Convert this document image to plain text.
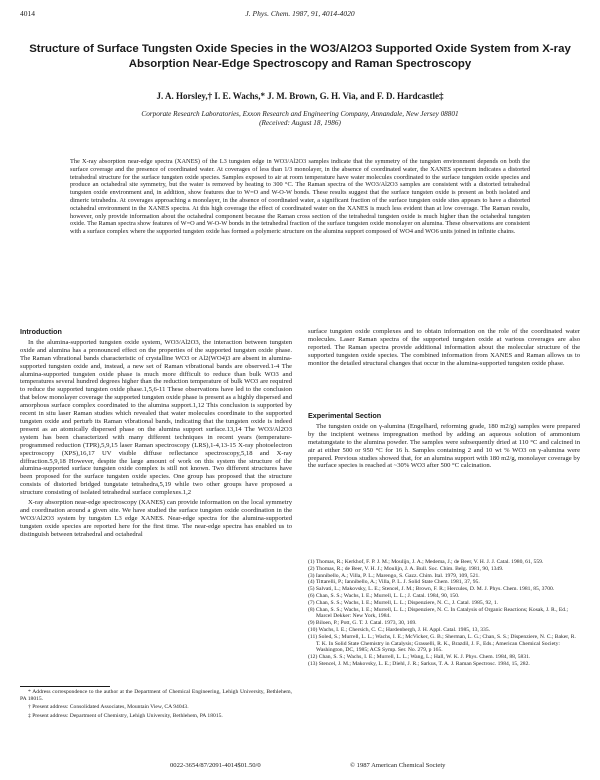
4014	J. Phys. Chem. 1987, 91, 4014-4020
Structure of Surface Tungsten Oxide Species in the WO3/Al2O3 Supported Oxide System from X-ray Absorption Near-Edge Spectroscopy and Raman Spectroscopy
J. A. Horsley,† I. E. Wachs,* J. M. Brown, G. H. Via, and F. D. Hardcastle‡
Corporate Research Laboratories, Exxon Research and Engineering Company, Annandale, New Jersey 08801
(Received: August 18, 1986)
The X-ray absorption near-edge spectra (XANES) of the L3 tungsten edge in WO3/Al2O3 samples indicate that the symmetry of the tungsten environment depends on both the surface coverage and the presence of coordinated water. At coverages of less than 1/3 monolayer, in the absence of coordinated water, the XANES spectrum indicates a distorted tetrahedral structure for the surface tungsten oxide species. Samples exposed to air at room temperature have water molecules coordinated to the surface tungsten oxide species and produce an octahedral site symmetry, but the water is removed by heating to 300 °C. The Raman spectra of the WO3/Al2O3 samples are consistent with a distorted tetrahedral tungsten oxide environment and, in addition, show features due to W=O and W-O-W bonds. These results suggest that the surface tungsten oxide is present as both isolated and dimeric tetrahedra. At coverages approaching a monolayer, in the absence of coordinated water, a significant fraction of the surface tungsten oxide sites appears to have a distorted octahedral environment in the XANES spectra. At this high coverage the effect of coordinated water on the XANES is much less evident than at low coverage. The Raman results, however, only provide information about the octahedral component because the Raman cross section of the tetrahedral tungsten oxide is much higher than the octahedral tungsten oxide. The Raman spectra show features of W=O and W-O-W bonds in the tetrahedral fraction of the surface tungsten oxide monolayer on alumina. These observations are consistent with a surface complex where the supported tungsten oxide has formed a polymeric structure on the alumina support composed of WO4 and WO6 units joined in infinite chains.
Introduction

In the alumina-supported tungsten oxide system, WO3/Al2O3, the interaction between tungsten oxide and alumina has a pronounced effect on the properties of the supported tungsten oxide phase. The Raman vibrational bands characteristic of crystalline WO3 or Al2(WO4)3 are absent in alumina-supported tungsten oxide and, instead, a new set of Raman vibrational bands are observed.1-4 The alumina-supported tungsten oxide phase is much more difficult to reduce than bulk WO3 and temperatures several hundred degrees higher than the reduction temperature of bulk WO3 are required to reduce the supported tungsten oxide phase.1,5,6-11 These observations have led to the conclusion that below monolayer coverage the supported tungsten oxide phase is present as a highly dispersed and amorphous surface complex coordinated to the alumina support.1,12 This conclusion is supported by recent in situ laser Raman studies which revealed that water molecules coordinate to the supported tungsten oxide and perturb its Raman vibrational bands, indicating that the tungsten oxide is indeed present as an atomically dispersed phase on the alumina support surface.13,14 The WO3/Al2O3 system has been characterized with many different techniques in recent years (temperature-programmed reduction (TPR),5,9,15 laser Raman spectroscopy (LRS),1-4,13-15 X-ray photoelectron spectroscopy (XPS),16,17 UV visible diffuse reflectance spectroscopy,5,18 and X-ray diffraction.5,9,18 However, despite the large amount of work on this system the structure of the alumina-supported surface tungsten oxide complex is still not known. Two different structures have been proposed for the surface tungsten oxide species. One group has proposed that the structure consists of distorted bridged tungstate tetrahedra,5,19 while two other groups have proposed a structure consisting of isolated tetrahedral surface complexes.1,2

X-ray absorption near-edge spectroscopy (XANES) can provide information on the local symmetry and coordination around a given site. We have studied the surface tungsten oxide coordination in the WO3/Al2O3 system by tungsten L3 edge XANES. Near-edge spectra for the alumina-supported tungsten oxide species are reported here for the first time. The near-edge spectra has enabled us to distinguish between tetrahedral and octahedral

* Address correspondence to the author at the Department of Chemical Engineering, Lehigh University, Bethlehem, PA 18015.

† Present address: Consolidated Associates, Mountain View, CA 94043.

‡ Present address: Department of Chemistry, Lehigh University, Bethlehem, PA 18015.

surface tungsten oxide complexes and to obtain information on the role of the coordinated water molecules. Laser Raman spectra of the supported tungsten oxide at various coverages are also reported. The Raman spectra provide additional information about the molecular structure of the supported tungsten oxide species. The combined information from XANES and Raman allows us to monitor the detailed structural changes that occur in the alumina-supported tungsten oxide phase.

Experimental Section

The tungsten oxide on γ-alumina (Engelhard, reforming grade, 180 m2/g) samples were prepared by the incipient wetness impregnation method by adding an aqueous solution of ammonium metatungstate to the alumina powder. The samples were subsequently dried at 110 °C and calcined in air at either 500 or 950 °C for 16 h. Samples containing 2 and 10 wt % WO3 on γ-alumina were prepared. Previous studies showed that, for an alumina support with 180 m2/g, monolayer coverage by the surface species is reached at ~30% WO3 after 500 °C calcination.

(1) Thomas, R.; Kerkhof, F. P. J. M.; Moulijn, J. A.; Medema, J.; de Beer, V. H. J. J. Catal. 1980, 61, 559.
(2) Thomas, R.; de Beer, V. H. J.; Moulijn, J. A. Bull. Soc. Chim. Belg. 1981, 90, 1349.
(3) Iannibello, A.; Villa, P. L.; Marengo, S. Gazz. Chim. Ital. 1979, 109, 521.
(4) Tittarelli, P.; Iannibello, A.; Villa, P. L. J. Solid State Chem. 1981, 37, 95.
(5) Salvati, L.; Makovsky, L. E.; Stencel, J. M.; Brown, F. R.; Hercules, D. M. J. Phys. Chem. 1981, 85, 3700.
(6) Chan, S. S.; Wachs, I. E.; Murrell, L. L.; J. Catal. 1984, 90, 150.
(7) Chan, S. S.; Wachs, I. E.; Murrell, L. L.; Dispenziere, N. C., J. Catal. 1985, 92, 1.
(8) Chan, S. S.; Wachs, I. E.; Murrell, L. L.; Dispenziere, N. C. In Catalysis of Organic Reactions; Kosak, J. R., Ed.; Marcel Dekker: New York, 1984.
(9) Biloen, P.; Pott, G. T. J. Catal. 1973, 30, 169.
(10) Wachs, I. E.; Chersich, C. C.; Hardenbergh, J. H. Appl. Catal. 1985, 13, 335.
(11) Soled, S.; Murrell, L. L.; Wachs, I. E.; McVicker, G. B.; Sherman, L. G.; Chan, S. S.; Dispenziere, N. C.; Baker, R. T. K. In Solid State Chemistry in Catalysis; Grasselli, R. K., Brazdil, J. F., Eds.; American Chemical Society: Washington, DC, 1985; ACS Symp. Ser. No. 279, p 165.
(12) Chan, S. S.; Wachs, I. E.; Murrell, L. L.; Wang, L.; Hall, W. K. J. Phys. Chem. 1984, 88, 5831.
(13) Stencel, J. M.; Makovsky, L. E.; Diehl, J. R.; Sarkus, T. A. J. Raman Spectrosc. 1984, 15, 282.
0022-3654/87/2091-4014$01.50/0	© 1987 American Chemical Society
